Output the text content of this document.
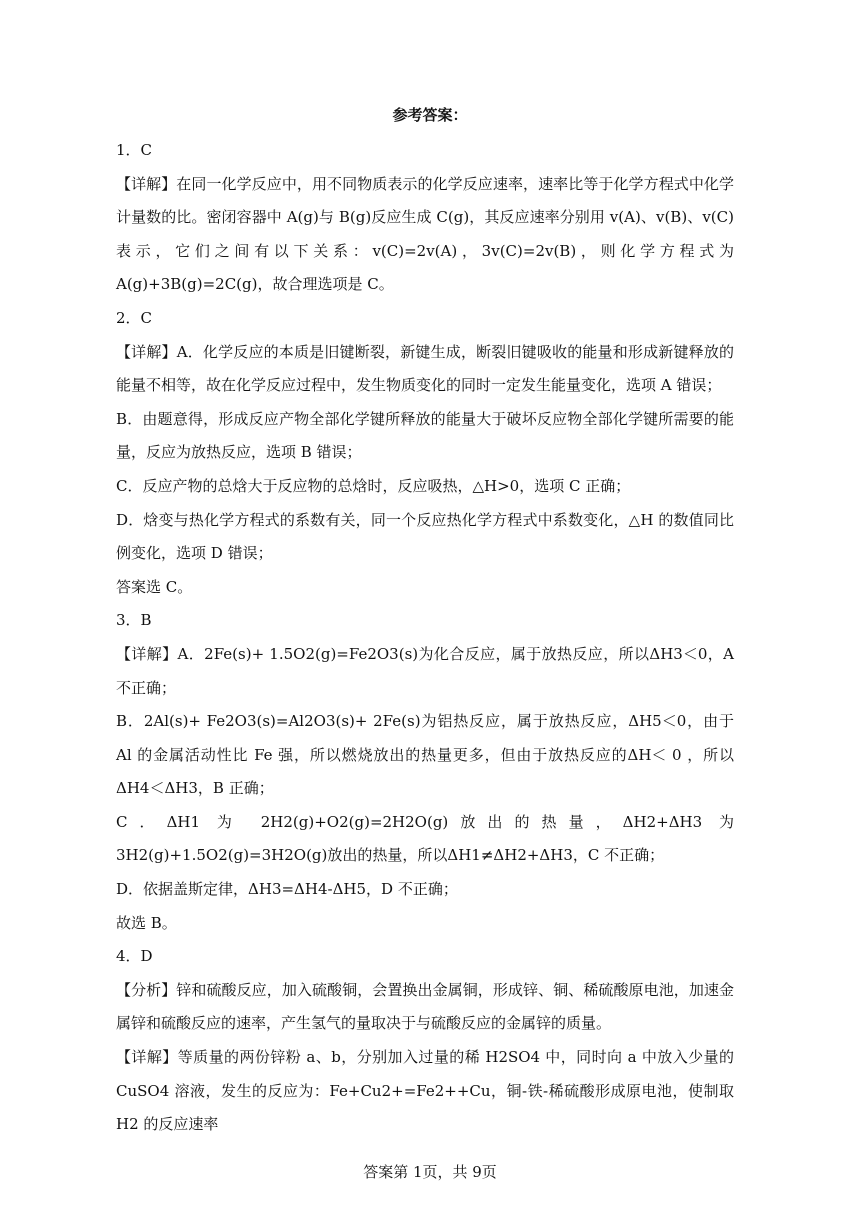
参考答案：

1．C

【详解】在同一化学反应中，用不同物质表示的化学反应速率，速率比等于化学方程式中化学计量数的比。密闭容器中 A(g)与 B(g)反应生成 C(g)，其反应速率分别用 v(A)、v(B)、v(C)表示，它们之间有以下关系：v(C)=2v(A)，3v(C)=2v(B)，则化学方程式为 A(g)+3B(g)=2C(g)，故合理选项是 C。

2．C

【详解】A．化学反应的本质是旧键断裂，新键生成，断裂旧键吸收的能量和形成新键释放的能量不相等，故在化学反应过程中，发生物质变化的同时一定发生能量变化，选项 A 错误；

B．由题意得，形成反应产物全部化学键所释放的能量大于破坏反应物全部化学键所需要的能量，反应为放热反应，选项 B 错误；

C．反应产物的总焓大于反应物的总焓时，反应吸热，△H>0，选项 C 正确；

D．焓变与热化学方程式的系数有关，同一个反应热化学方程式中系数变化，△H 的数值同比例变化，选项 D 错误；

答案选 C。

3．B

【详解】A．2Fe(s)+ 1.5O2(g)=Fe2O3(s)为化合反应，属于放热反应，所以ΔH3＜0，A 不正确；

B．2Al(s)+ Fe2O3(s)=Al2O3(s)+ 2Fe(s)为铝热反应，属于放热反应，ΔH5＜0，由于 Al 的金属活动性比 Fe 强，所以燃烧放出的热量更多，但由于放热反应的ΔH＜ 0 ，所以ΔH4＜ΔH3，B 正确；

C．ΔH1 为 2H2(g)+O2(g)=2H2O(g)放出的热量，ΔH2+ΔH3 为 3H2(g)+1.5O2(g)=3H2O(g)放出的热量，所以ΔH1≠ΔH2+ΔH3，C 不正确；

D．依据盖斯定律，ΔH3=ΔH4-ΔH5，D 不正确；

故选 B。

4．D

【分析】锌和硫酸反应，加入硫酸铜，会置换出金属铜，形成锌、铜、稀硫酸原电池，加速金属锌和硫酸反应的速率，产生氢气的量取决于与硫酸反应的金属锌的质量。

【详解】等质量的两份锌粉 a、b，分别加入过量的稀 H2SO4 中，同时向 a 中放入少量的 CuSO4 溶液，发生的反应为：Fe+Cu2+=Fe2++Cu，铜-铁-稀硫酸形成原电池，使制取 H2 的反应速率

答案第 1页，共 9页
